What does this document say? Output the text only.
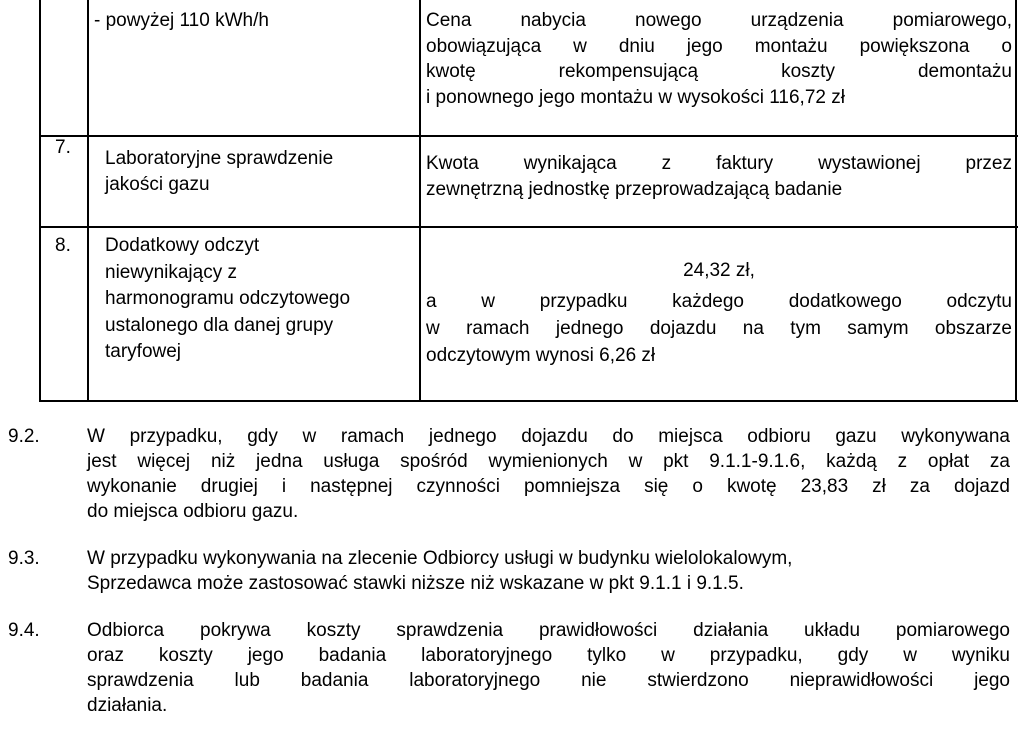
- powyżej 110 kWh/h	Cena nabycia nowego urządzenia pomiarowego,
obowiązująca w dniu jego montażu powiększona o
kwotę rekompensującą koszty demontażu
i ponownego jego montażu w wysokości 116,72 zł
7.
Laboratoryjne sprawdzenie
jakości gazu
Kwota wynikająca z faktury wystawionej przez
zewnętrzną jednostkę przeprowadzającą badanie
8. Dodatkowy odczyt
niewynikający z
harmonogramu odczytowego
ustalonego dla danej grupy
taryfowej
24,32 zł,
a w przypadku każdego dodatkowego odczytu
w ramach jednego dojazdu na tym samym obszarze
odczytowym wynosi 6,26 zł
9.2. W przypadku, gdy w ramach jednego dojazdu do miejsca odbioru gazu wykonywana
jest więcej niż jedna usługa spośród wymienionych w pkt 9.1.1-9.1.6, każdą z opłat za
wykonanie drugiej i następnej czynności pomniejsza się o kwotę 23,83 zł za dojazd
do miejsca odbioru gazu.
9.3. W przypadku wykonywania na zlecenie Odbiorcy usługi w budynku wielolokalowym,
Sprzedawca może zastosować stawki niższe niż wskazane w pkt 9.1.1 i 9.1.5.
9.4. Odbiorca pokrywa koszty sprawdzenia prawidłowości działania układu pomiarowego
oraz koszty jego badania laboratoryjnego tylko w przypadku, gdy w wyniku
sprawdzenia lub badania laboratoryjnego nie stwierdzono nieprawidłowości jego
działania.
